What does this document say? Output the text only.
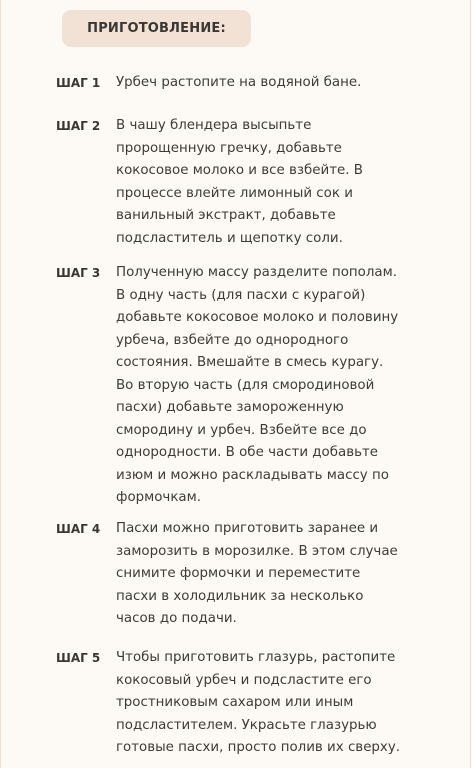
ПРИГОТОВЛЕНИЕ:
ШАГ 1	Урбеч растопите на водяной бане.
ШАГ 2	В чашу блендера высыпьте
пророщенную гречку, добавьте
кокосовое молоко и все взбейте. В
процессе влейте лимонный сок и
ванильный экстракт, добавьте
подсластитель и щепотку соли.
ШАГ 3	Полученную массу разделите пополам.
В одну часть (для пасхи с курагой)
добавьте кокосовое молоко и половину
урбеча, взбейте до однородного
состояния. Вмешайте в смесь курагу.
Во вторую часть (для смородиновой
пасхи) добавьте замороженную
смородину и урбеч. Взбейте все до
однородности. В обе части добавьте
изюм и можно раскладывать массу по
формочкам.
ШАГ 4	Пасхи можно приготовить заранее и
заморозить в морозилке. В этом случае
снимите формочки и переместите
пасхи в холодильник за несколько
часов до подачи.
ШАГ 5	Чтобы приготовить глазурь, растопите
кокосовый урбеч и подсластите его
тростниковым сахаром или иным
подсластителем. Украсьте глазурью
готовые пасхи, просто полив их сверху.
